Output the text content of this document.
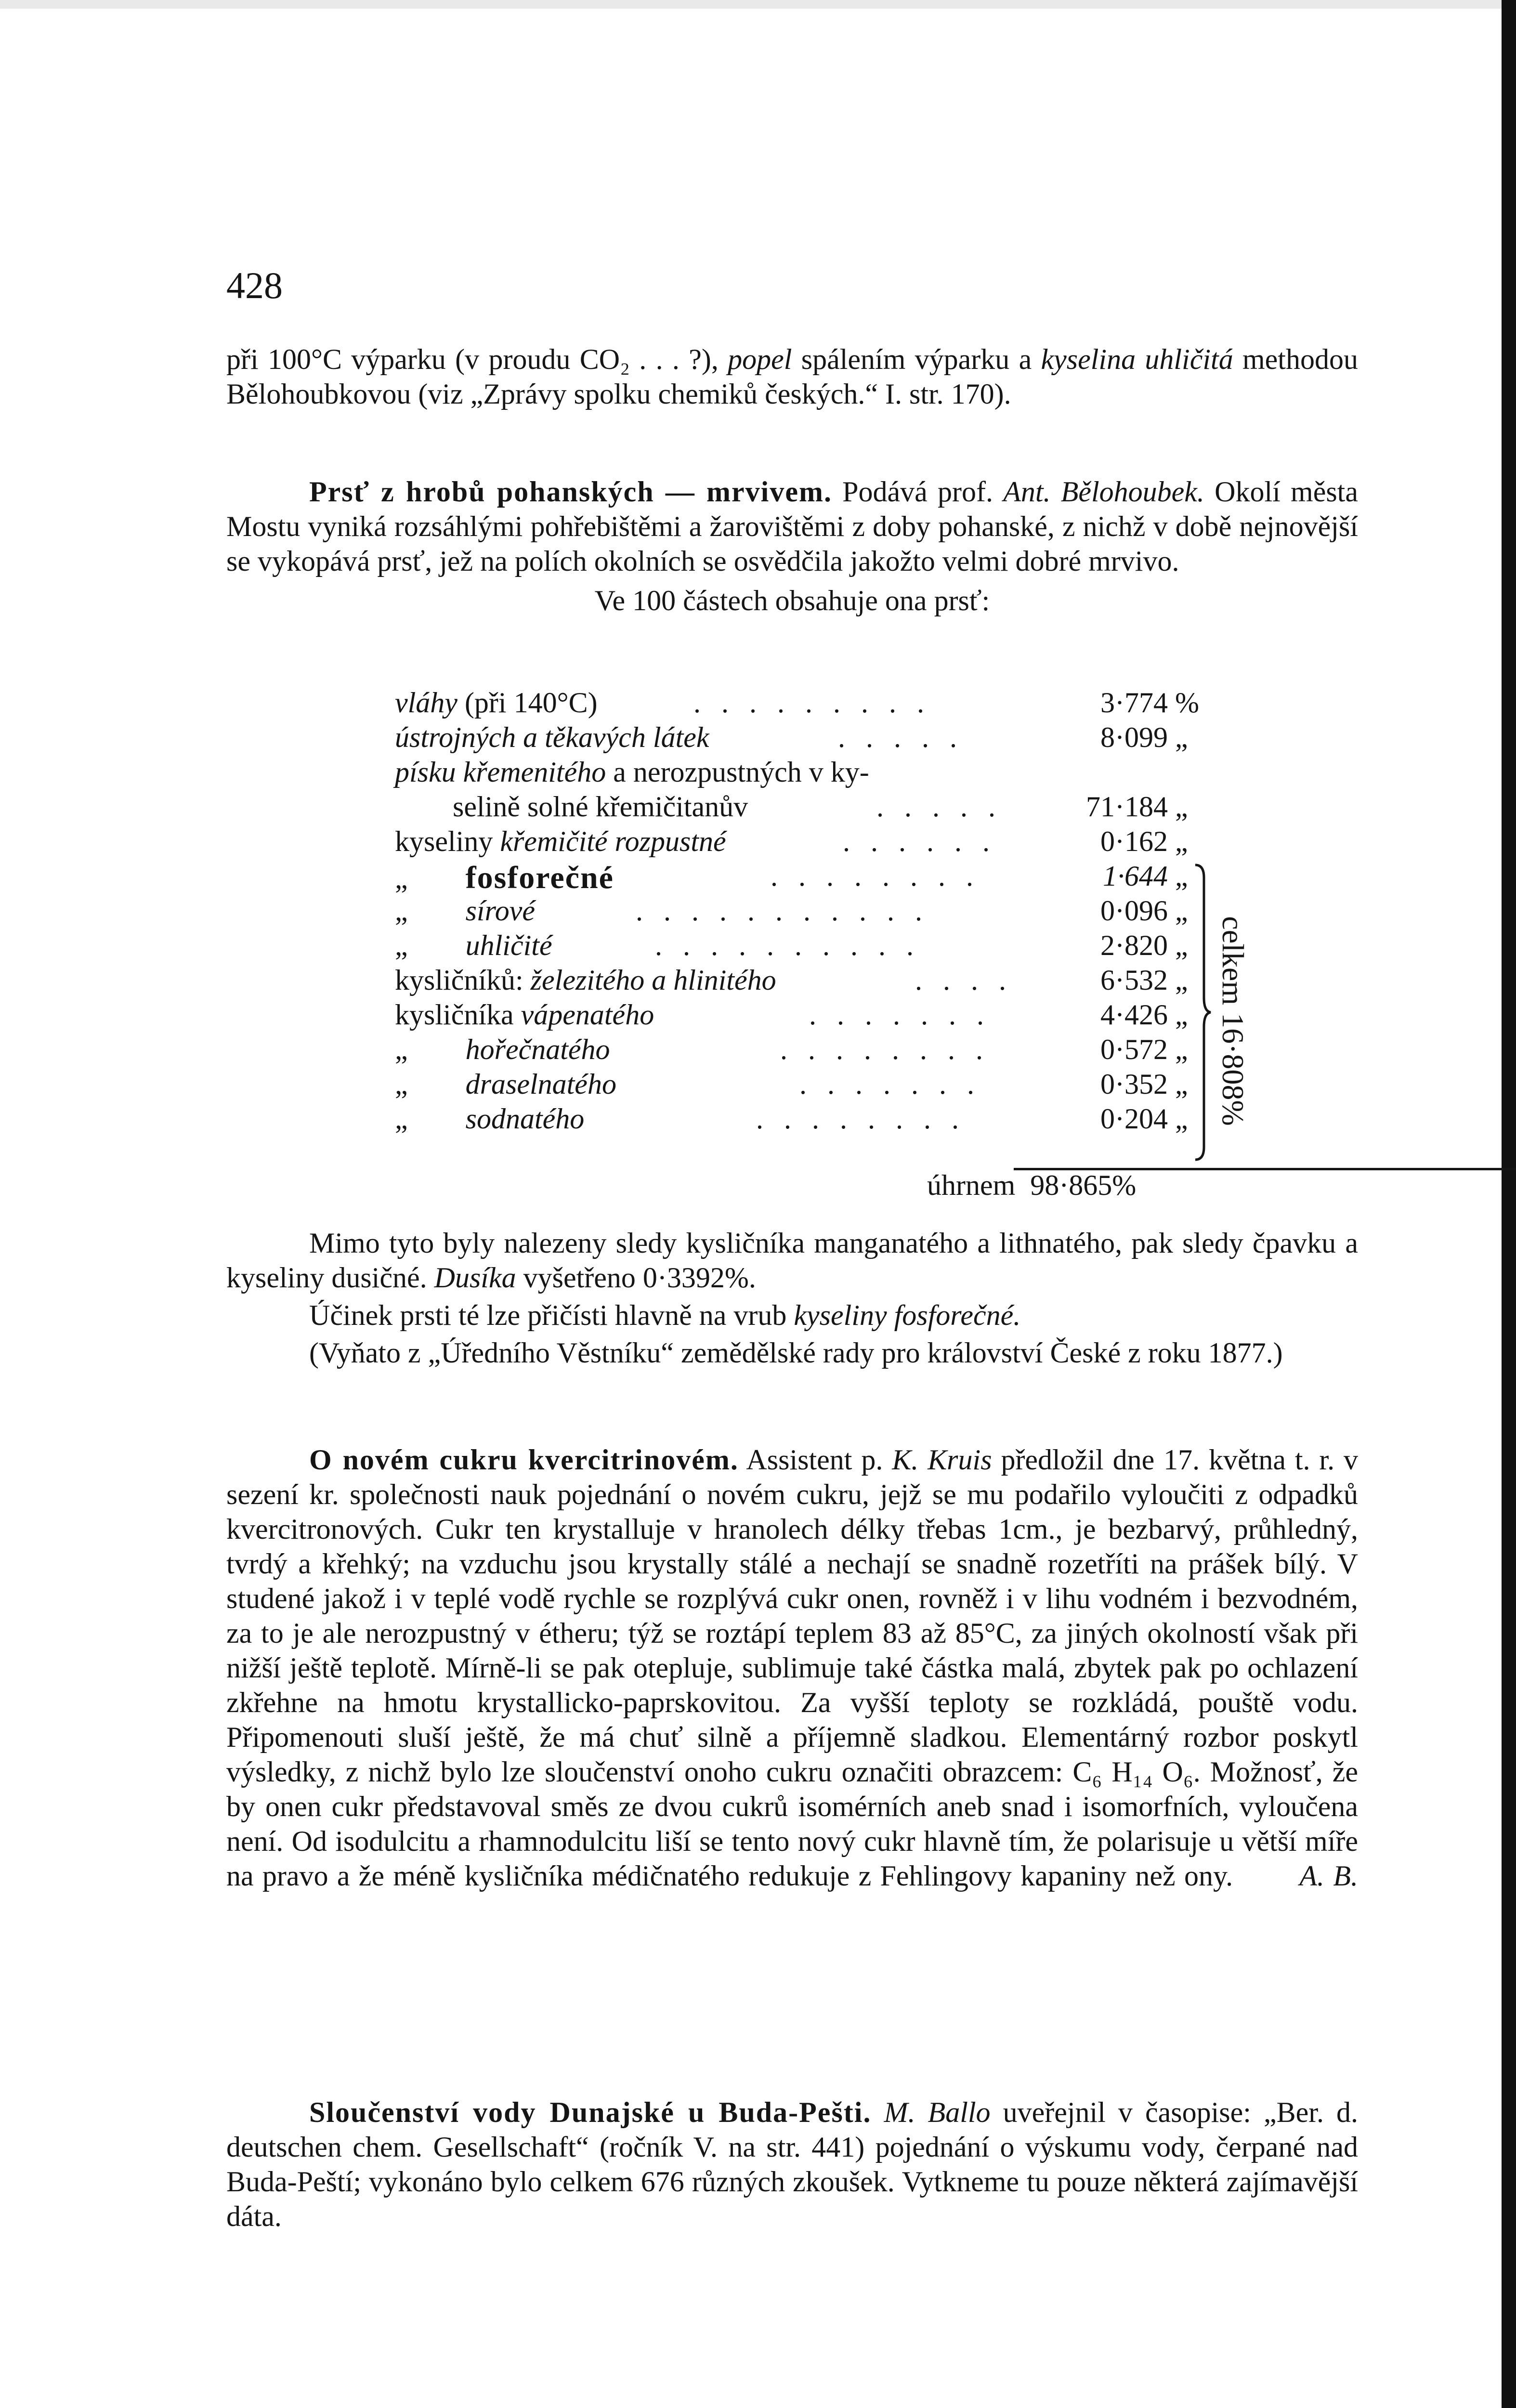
428

při 100°C výparku (v proudu CO₂ . . . ?), popel spálením výparku a kyselina uhličitá methodou Bělohoubkovou (viz „Zprávy spolku chemiků českých.“ I. str. 170).

Prsť z hrobů pohanských — mrvivem. Podává prof. Ant. Bělohoubek. Okolí města Mostu vyniká rozsáhlými pohřebištěmi a žarovištěmi z doby pohanské, z nichž v době nejnovější se vykopává prsť, jež na polích okolních se osvědčila jakožto velmi dobré mrvivo.

Ve 100 částech obsahuje ona prsť:

vláhy (při 140°C)	. . . . . . . . .	3·774 %
ústrojných a těkavých látek	. . . . .	8·099 „
písku křemenitého a nerozpustných v ky-
selině solné křemičitanův	. . . . .	71·184 „
kyseliny křemičité rozpustné	. . . . . .	0·162 „
„ fosforečné	. . . . . . . .	1·644 „
„ sírové	. . . . . . . . . . .	0·096 „
„ uhličité	. . . . . . . . . .	2·820 „
kysličníků: železitého a hlinitého	. . . .	6·532 „
kysličníka vápenatého	. . . . . . .	4·426 „
„ hořečnatého	. . . . . . . .	0·572 „
„ draselnatého	. . . . . . .	0·352 „
„ sodnatého	. . . . . . . .	0·204 „
úhrnem 98·865%
celkem 16·808%

Mimo tyto byly nalezeny sledy kysličníka manganatého a lithnatého, pak sledy čpavku a kyseliny dusičné. Dusíka vyšetřeno 0·3392%.

Účinek prsti té lze přičísti hlavně na vrub kyseliny fosforečné.

(Vyňato z „Úředního Věstníku“ zemědělské rady pro království České z roku 1877.)

O novém cukru kvercitrinovém. Assistent p. K. Kruis předložil dne 17. května t. r. v sezení kr. společnosti nauk pojednání o novém cukru, jejž se mu podařilo vyloučiti z odpadků kvercitronových. Cukr ten krystalluje v hranolech délky třebas 1cm., je bezbarvý, průhledný, tvrdý a křehký; na vzduchu jsou krystally stálé a nechají se snadně rozetříti na prášek bílý. V studené jakož i v teplé vodě rychle se rozplývá cukr onen, rovněž i v lihu vodném i bezvodném, za to je ale nerozpustný v étheru; týž se roztápí teplem 83 až 85°C, za jiných okolností však při nižší ještě teplotě. Mírně-li se pak otepluje, sublimuje také částka malá, zbytek pak po ochlazení zkřehne na hmotu krystallicko-paprskovitou. Za vyšší teploty se rozkládá, pouště vodu. Připomenouti sluší ještě, že má chuť silně a příjemně sladkou. Elementárný rozbor poskytl výsledky, z nichž bylo lze sloučenství onoho cukru označiti obrazcem: C₆ H₁₄ O₆. Možnosť, že by onen cukr představoval směs ze dvou cukrů isomérních aneb snad i isomorfních, vyloučena není. Od isodulcitu a rhamnodulcitu liší se tento nový cukr hlavně tím, že polarisuje u větší míře na pravo a že méně kysličníka médičnatého redukuje z Fehlingovy kapaniny než ony. A. B.

Sloučenství vody Dunajské u Buda-Pešti. M. Ballo uveřejnil v časopise: „Ber. d. deutschen chem. Gesellschaft“ (ročník V. na str. 441) pojednání o výskumu vody, čerpané nad Buda-Peští; vykonáno bylo celkem 676 různých zkoušek. Vytkneme tu pouze některá zajímavější dáta.
